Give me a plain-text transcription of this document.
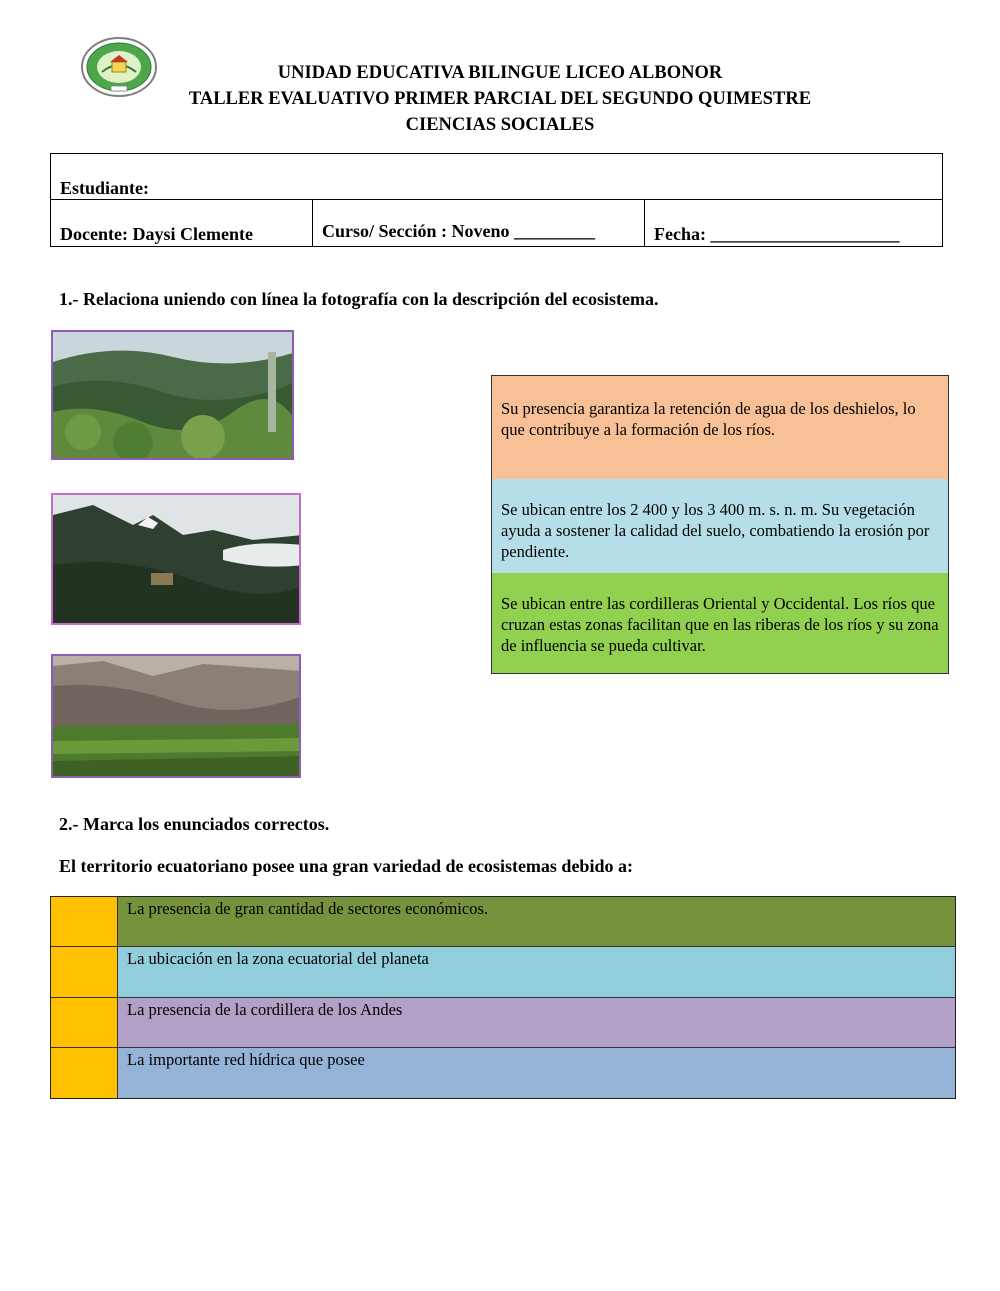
UNIDAD EDUCATIVA BILINGUE LICEO ALBONOR
TALLER EVALUATIVO PRIMER PARCIAL DEL SEGUNDO QUIMESTRE
CIENCIAS SOCIALES
Estudiante:
Docente: Daysi Clemente	Curso/ Sección : Noveno _________	Fecha: _____________________
1.- Relaciona uniendo con línea la fotografía con la descripción del ecosistema.
Su presencia garantiza la retención de agua de los deshielos, lo que contribuye a la formación de los ríos.
Se ubican entre los 2 400 y los 3 400 m. s. n. m. Su vegetación ayuda a sostener la calidad del suelo, combatiendo la erosión por pendiente.
Se ubican entre las cordilleras Oriental y Occidental. Los ríos que cruzan estas zonas facilitan que en las riberas de los ríos y su zona de influencia se pueda cultivar.
2.- Marca los enunciados correctos.
El territorio ecuatoriano posee una gran variedad de ecosistemas debido a:
La presencia de gran cantidad de sectores económicos.
La ubicación en la zona ecuatorial del planeta
La presencia de la cordillera de los Andes
La importante red hídrica que posee
